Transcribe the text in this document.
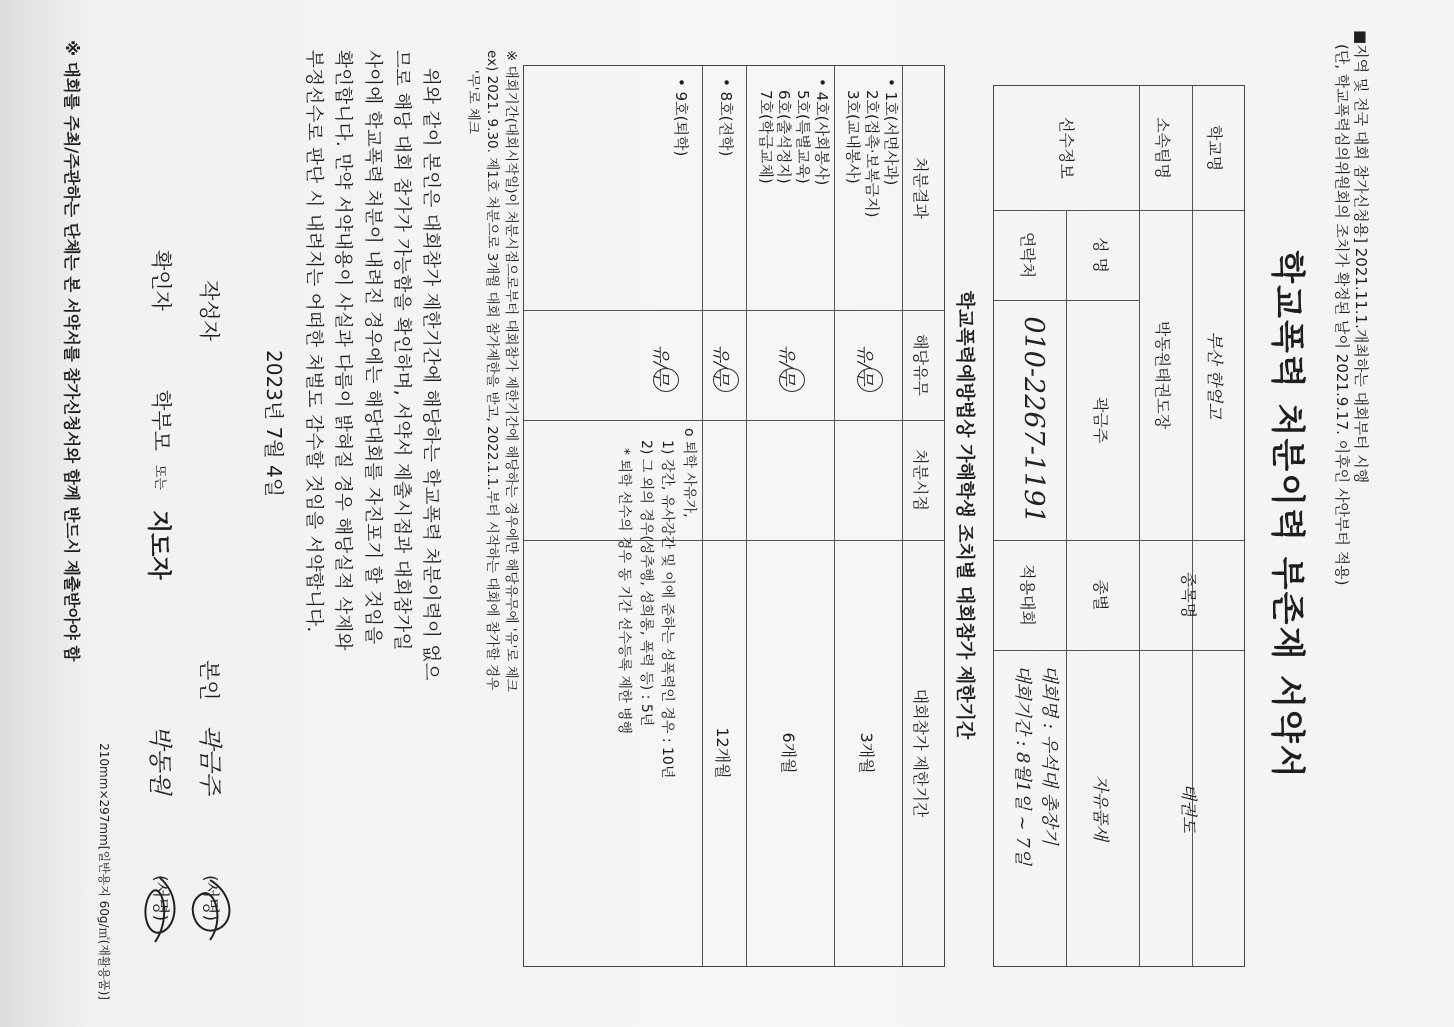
■지역 및 전국 대회 참가신청용] 2021.11.1.개최하는 대회부터 시행
(단, 학교폭력심의위원회의 조치가 확정된 날이 2021.9.17. 이후인 사안부터 적용)
학교폭력 처분이력 부존재 서약서
학교명
부산 한얼고
소속팀명
박동원태권도장
종목명
태권도
선수정보
성 명
곽금주
종별
자유품새
연락처
010-2267-1191
적용대회
대회명 : 우석대 총장기
대회기간 : 8월1일 ~ 7일
학교폭력예방법상 가해학생 조치별 대회참가 제한기간
처분결과
해당유무
처분시점
대회참가 제한기간
• 1호(서면사과)
2호(접촉·보복금지)
3호(교내봉사)
유/무
3개월
• 4호(사회봉사)
5호(특별교육)
6호(출석정지)
7호(학급교체)
유/무
6개월
• 8호(전학)
유/무
12개월
• 9호(퇴학)
유/무
o 퇴학 사유가,
1) 강간, 유사강간 및 이에 준하는 성폭력인 경우 : 10년
2) 그 외의 경우(성추행, 성희롱, 폭력 등) : 5년
* 퇴학 선수의 경우 동 기간 선수등록 제한 병행
※ 대회기간(대회시작일)이 처분시점으로부터 대회참가 제한기간에 해당하는 경우에만 해당유무에 '유'로 체크
ex) 2021. 9.30. 제1호 처분으로 3개월 대회 참가제한을 받고, 2022.1.1.부터 시작하는 대회에 참가할 경우
'무'로 체크
위와 같이 본인은 대회참가 제한기간에 해당하는 학교폭력 처분이력이 없으
므로 해당 대회 참가가 가능함을 확인하며, 서약서 제출시점과 대회참가일
사이에 학교폭력 처분이 내려진 경우에는 해당대회를 자진포기 할 것임을
확인합니다. 만약 서약내용이 사실과 다름이 밝혀질 경우 해당실적 삭제와
부정선수로 판단 시 내려지는 어떠한 처벌도 감수할 것임을 서약합니다.
2023년 7월 4일
작성자
본인
곽금주
(서명)
확인자
학부모
또는
지도자
박동원
(서명)
210mm×297mm[일반용지 60g/㎡(재활용품)]
※ 대회를 주최/주관하는 단체는 본 서약서를 참가신청서와 함께 반드시 제출받아야 함
